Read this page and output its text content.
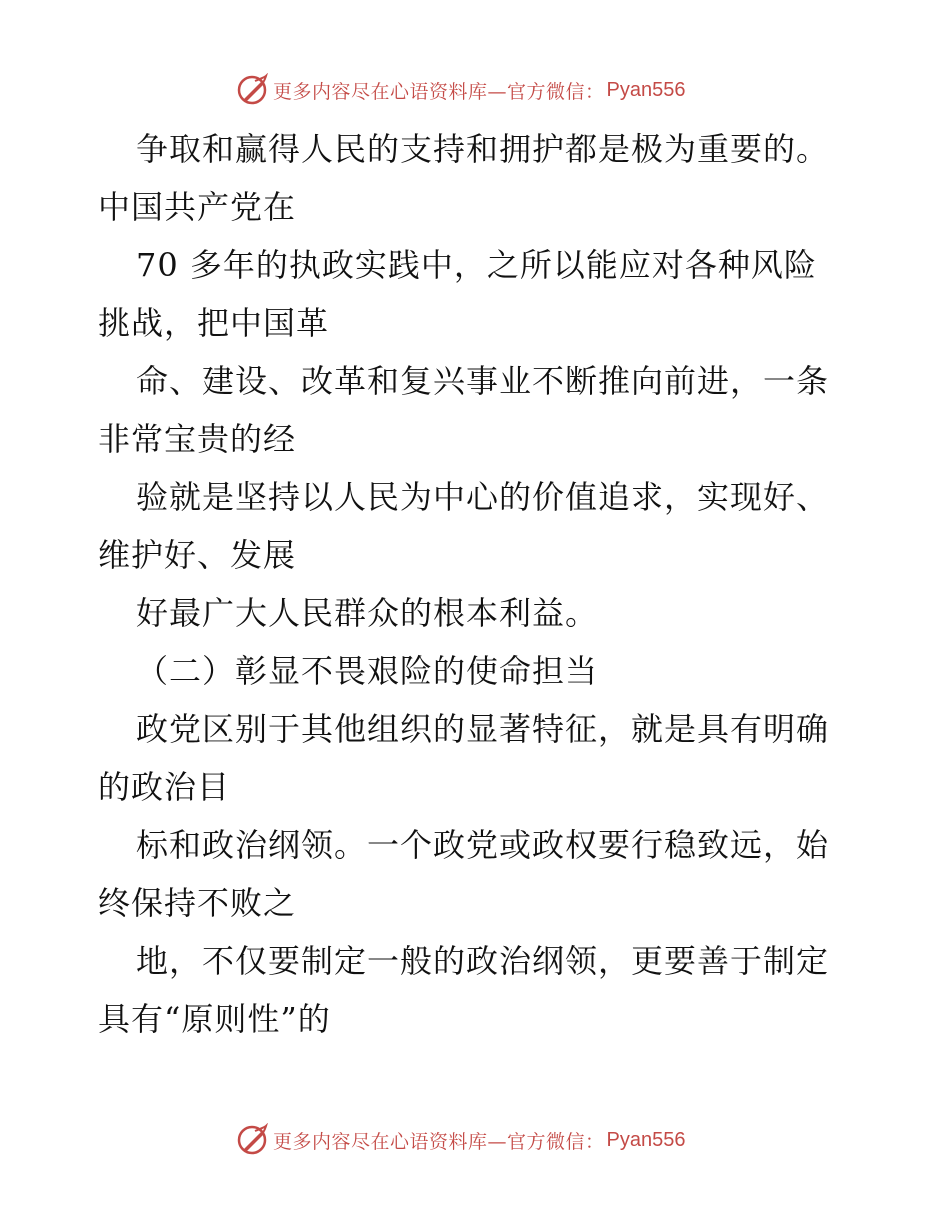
更多内容尽在心语资料库—官方微信： Pyan556
争取和赢得人民的支持和拥护都是极为重要的。
中国共产党在
70 多年的执政实践中，之所以能应对各种风险
挑战，把中国革
命、建设、改革和复兴事业不断推向前进，一条
非常宝贵的经
验就是坚持以人民为中心的价值追求，实现好、
维护好、发展
好最广大人民群众的根本利益。
（二）彰显不畏艰险的使命担当
政党区别于其他组织的显著特征，就是具有明确
的政治目
标和政治纲领。一个政党或政权要行稳致远，始
终保持不败之
地，不仅要制定一般的政治纲领，更要善于制定
具有“原则性”的
更多内容尽在心语资料库—官方微信： Pyan556
